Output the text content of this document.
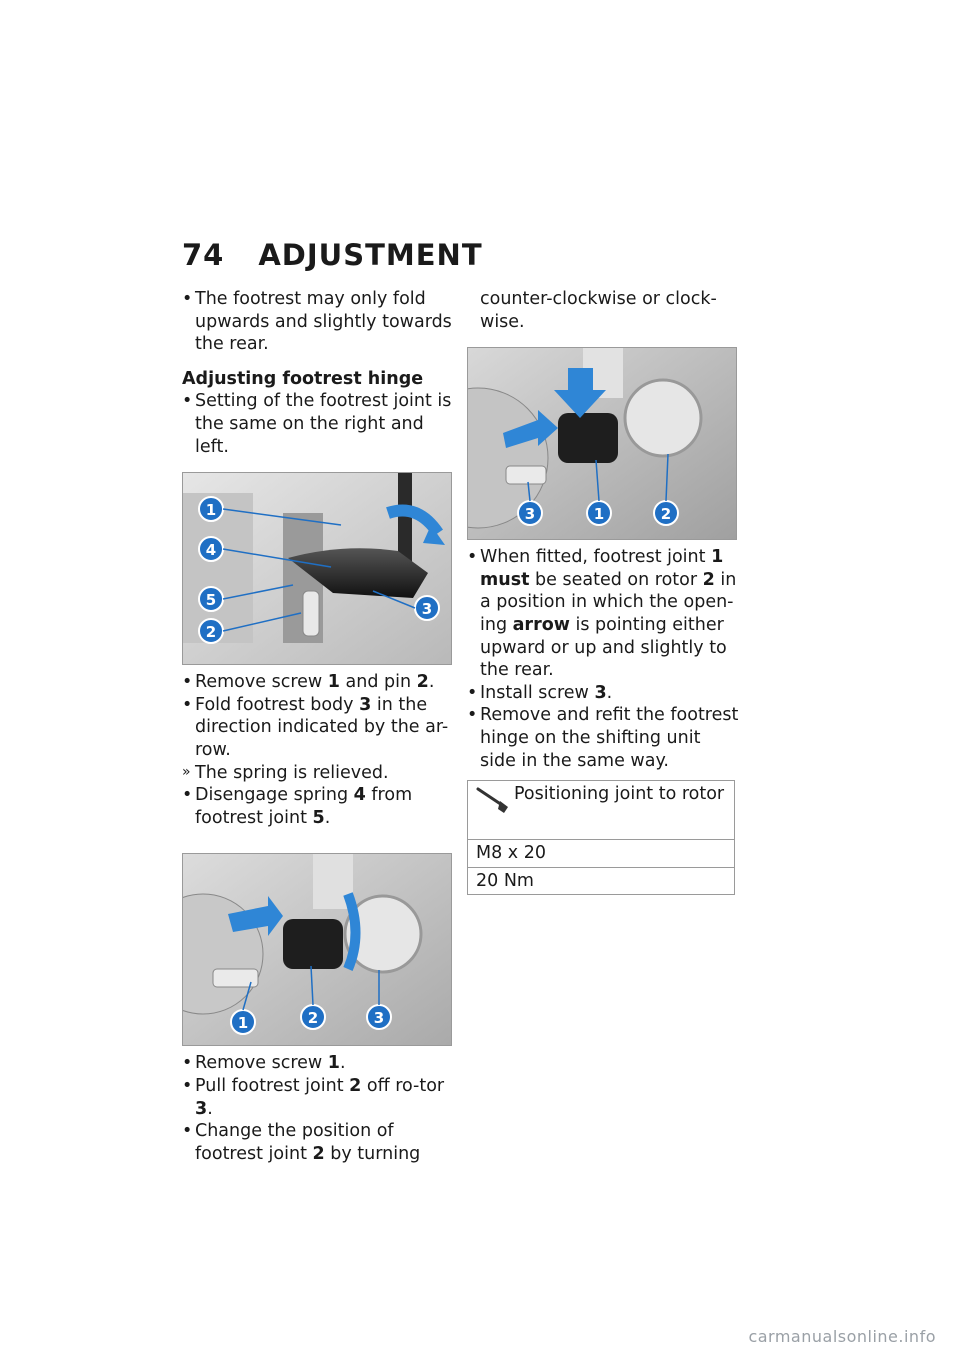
74 ADJUSTMENT

• The footrest may only fold upwards and slightly towards the rear.

Adjusting footrest hinge

• Setting of the footrest joint is the same on the right and left.

1
4
5
2
3

• Remove screw 1 and pin 2.

• Fold footrest body 3 in the direction indicated by the ar-row.

» The spring is relieved.

• Disengage spring 4 from footrest joint 5.

1	2	3

• Remove screw 1.

• Pull footrest joint 2 off ro-tor 3.

• Change the position of footrest joint 2 by turning

counter-clockwise or clock-wise.

3	1	2

• When fitted, footrest joint 1 must be seated on rotor 2 in a position in which the open-ing arrow is pointing either upward or up and slightly to the rear.

• Install screw 3.

• Remove and refit the footrest hinge on the shifting unit side in the same way.

Positioning joint to rotor
M8 x 20
20 Nm
carmanualsonline.info
